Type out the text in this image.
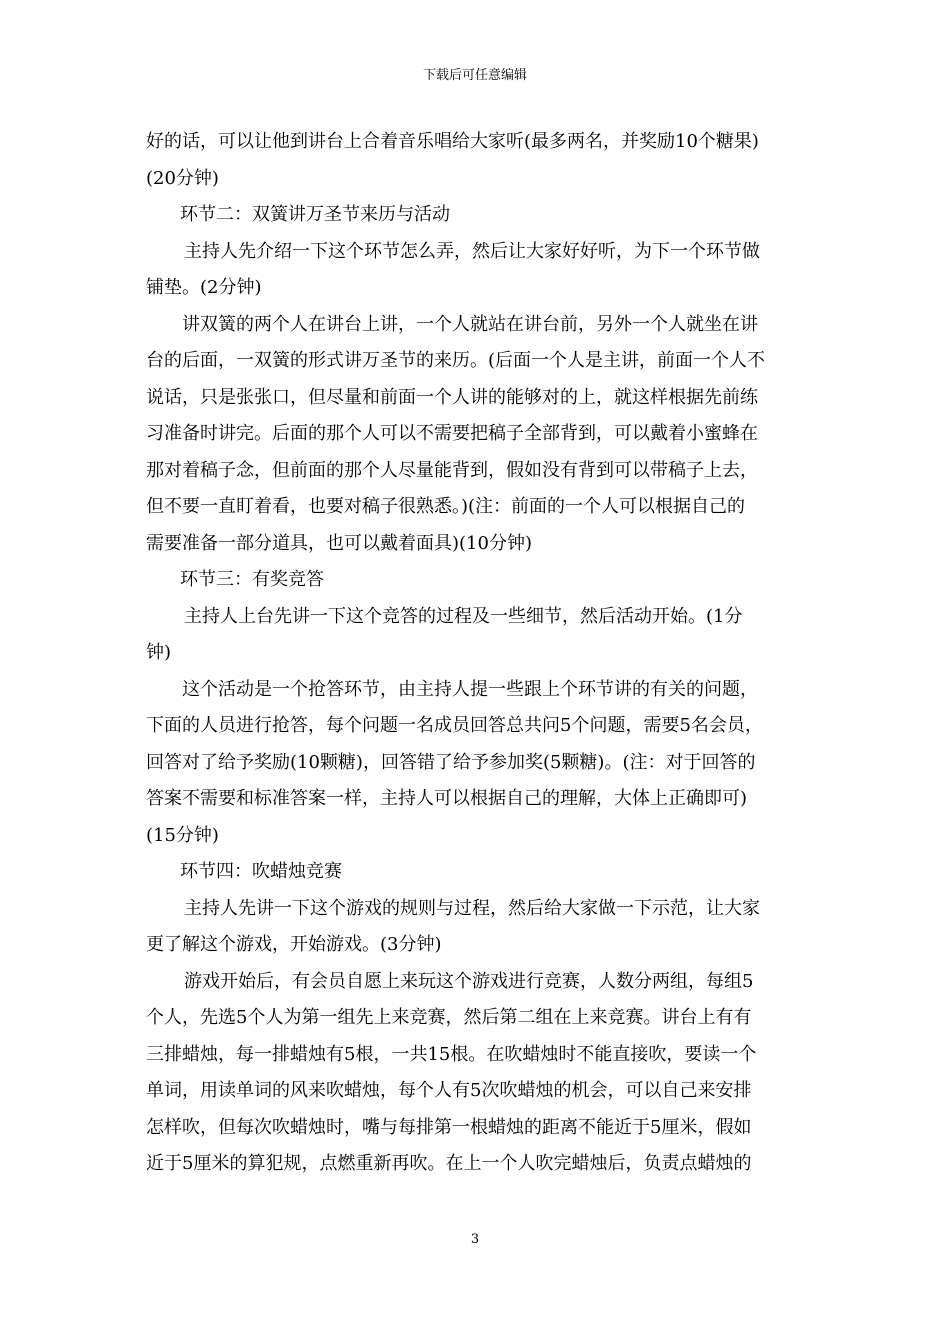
下载后可任意编辑

好的话，可以让他到讲台上合着音乐唱给大家听(最多两名，并奖励10个糖果)

(20分钟)

环节二：双簧讲万圣节来历与活动

主持人先介绍一下这个环节怎么弄，然后让大家好好听，为下一个环节做

铺垫。(2分钟)

讲双簧的两个人在讲台上讲，一个人就站在讲台前，另外一个人就坐在讲

台的后面，一双簧的形式讲万圣节的来历。(后面一个人是主讲，前面一个人不

说话，只是张张口，但尽量和前面一个人讲的能够对的上，就这样根据先前练

习准备时讲完。后面的那个人可以不需要把稿子全部背到，可以戴着小蜜蜂在

那对着稿子念，但前面的那个人尽量能背到，假如没有背到可以带稿子上去，

但不要一直盯着看，也要对稿子很熟悉。)(注：前面的一个人可以根据自己的

需要准备一部分道具，也可以戴着面具)(10分钟)

环节三：有奖竞答

主持人上台先讲一下这个竞答的过程及一些细节，然后活动开始。(1分

钟)

这个活动是一个抢答环节，由主持人提一些跟上个环节讲的有关的问题，

下面的人员进行抢答，每个问题一名成员回答总共问5个问题，需要5名会员，

回答对了给予奖励(10颗糖)，回答错了给予参加奖(5颗糖)。(注：对于回答的

答案不需要和标准答案一样，主持人可以根据自己的理解，大体上正确即可)

(15分钟)

环节四：吹蜡烛竞赛

主持人先讲一下这个游戏的规则与过程，然后给大家做一下示范，让大家

更了解这个游戏，开始游戏。(3分钟)

游戏开始后，有会员自愿上来玩这个游戏进行竞赛，人数分两组，每组5

个人，先选5个人为第一组先上来竞赛，然后第二组在上来竞赛。讲台上有有

三排蜡烛，每一排蜡烛有5根，一共15根。在吹蜡烛时不能直接吹，要读一个

单词，用读单词的风来吹蜡烛，每个人有5次吹蜡烛的机会，可以自己来安排

怎样吹，但每次吹蜡烛时，嘴与每排第一根蜡烛的距离不能近于5厘米，假如

近于5厘米的算犯规，点燃重新再吹。在上一个人吹完蜡烛后，负责点蜡烛的

3
